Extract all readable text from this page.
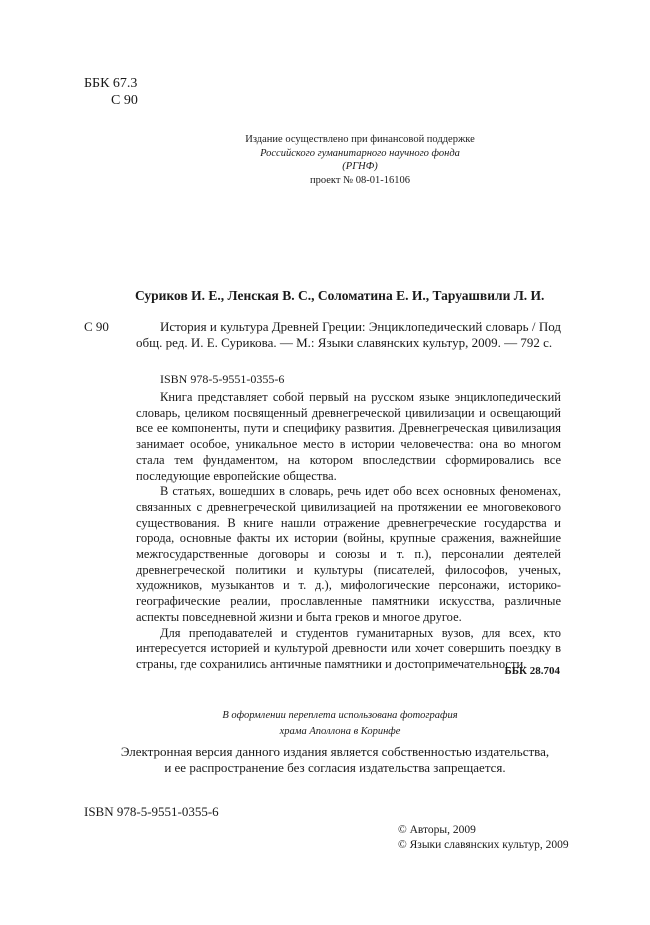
ББК 67.3
С 90
Издание осуществлено при финансовой поддержке
Российского гуманитарного научного фонда
(РГНФ)
проект № 08-01-16106
Суриков И. Е., Ленская В. С., Соломатина Е. И., Таруашвили Л. И.
С 90	История и культура Древней Греции: Энциклопедический словарь / Под общ. ред. И. Е. Сурикова. — М.: Языки славянских культур, 2009. — 792 с.
ISBN 978-5-9551-0355-6

Книга представляет собой первый на русском языке энциклопедический словарь, целиком посвященный древнегреческой цивилизации и освещающий все ее компоненты, пути и специфику развития. Древнегреческая цивилизация занимает особое, уникальное место в истории человечества: она во многом стала тем фундаментом, на котором впоследствии сформировались все последующие европейские общества.

В статьях, вошедших в словарь, речь идет обо всех основных феноменах, связанных с древнегреческой цивилизацией на протяжении ее многовекового существования. В книге нашли отражение древнегреческие государства и города, основные факты их истории (войны, крупные сражения, важнейшие межгосударственные договоры и союзы и т. п.), персоналии деятелей древнегреческой политики и культуры (писателей, философов, ученых, художников, музыкантов и т. д.), мифологические персонажи, историко-географические реалии, прославленные памятники искусства, различные аспекты повседневной жизни и быта греков и многое другое.

Для преподавателей и студентов гуманитарных вузов, для всех, кто интересуется историей и культурой древности или хочет совершить поездку в страны, где сохранились античные памятники и достопримечательности.

ББК 28.704
В оформлении переплета использована фотография
храма Аполлона в Коринфе
Электронная версия данного издания является собственностью издательства,
и ее распространение без согласия издательства запрещается.
ISBN 978-5-9551-0355-6
© Авторы, 2009
© Языки славянских культур, 2009
